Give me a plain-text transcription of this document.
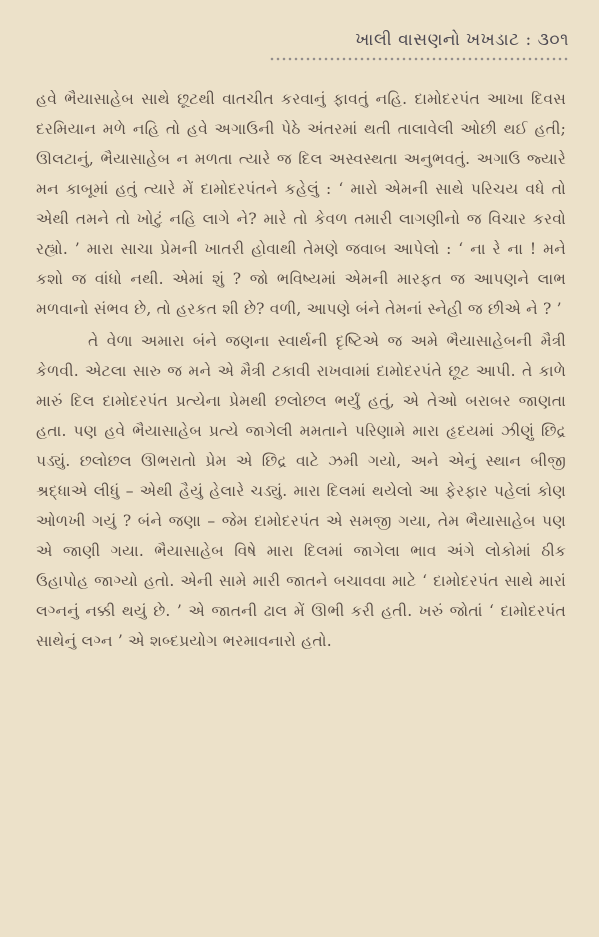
ખાલી વાસણનો ખખડાટ : ૩૦૧

હવે ભૈયાસાહેબ સાથે છૂટથી વાતચીત કરવાનું ફાવતું નહિ. દામોદરપંત આખા દિવસ દરમિયાન મળે નહિ તો હવે અગાઉની પેઠે અંતરમાં થતી તાલાવેલી ઓછી થઈ હતી; ઊલટાનું, ભૈયાસાહેબ ન મળતા ત્યારે જ દિલ અસ્વસ્થતા અનુભવતું. અગાઉ જ્યારે મન કાબૂમાં હતું ત્યારે મેં દામોદરપંતને કહેલું : ‘ મારો એમની સાથે પરિચય વધે તો એથી તમને તો ખોટું નહિ લાગે ને? મારે તો કેવળ તમારી લાગણીનો જ વિચાર કરવો રહ્યો. ’ મારા સાચા પ્રેમની ખાતરી હોવાથી તેમણે જવાબ આપેલો : ‘ ના રે ના ! મને કશો જ વાંધો નથી. એમાં શું ? જો ભવિષ્યમાં એમની મારફત જ આપણને લાભ મળવાનો સંભવ છે, તો હરકત શી છે? વળી, આપણે બંને તેમનાં સ્નેહી જ છીએ ને ? ’

તે વેળા અમારા બંને જણના સ્વાર્થની દૃષ્ટિએ જ અમે ભૈયાસાહેબની મૈત્રી કેળવી. એટલા સારુ જ મને એ મૈત્રી ટકાવી રાખવામાં દામોદરપંતે છૂટ આપી. તે કાળે મારું દિલ દામોદરપંત પ્રત્યેના પ્રેમથી છલોછલ ભર્યું હતું, એ તેઓ બરાબર જાણતા હતા. પણ હવે ભૈયાસાહેબ પ્રત્યે જાગેલી મમતાને પરિણામે મારા હૃદયમાં ઝીણું છિદ્ર પડ્યું. છલોછલ ઊભરાતો પ્રેમ એ છિદ્ર વાટે ઝમી ગયો, અને એનું સ્થાન બીજી શ્રદ્ધાએ લીધું – એથી હૈયું હેલારે ચડ્યું. મારા દિલમાં થયેલો આ ફેરફાર પહેલાં કોણ ઓળખી ગયું ? બંને જણા – જેમ દામોદરપંત એ સમજી ગયા, તેમ ભૈયાસાહેબ પણ એ જાણી ગયા. ભૈયાસાહેબ વિષે મારા દિલમાં જાગેલા ભાવ અંગે લોકોમાં ઠીક ઉહાપોહ જાગ્યો હતો. એની સામે મારી જાતને બચાવવા માટે ‘ દામોદરપંત સાથે મારાં લગ્નનું નક્કી થયું છે. ’ એ જાતની ઢાલ મેં ઊભી કરી હતી. ખરું જોતાં ‘ દામોદરપંત સાથેનું લગ્ન ’ એ શબ્દપ્રયોગ ભરમાવનારો હતો.
